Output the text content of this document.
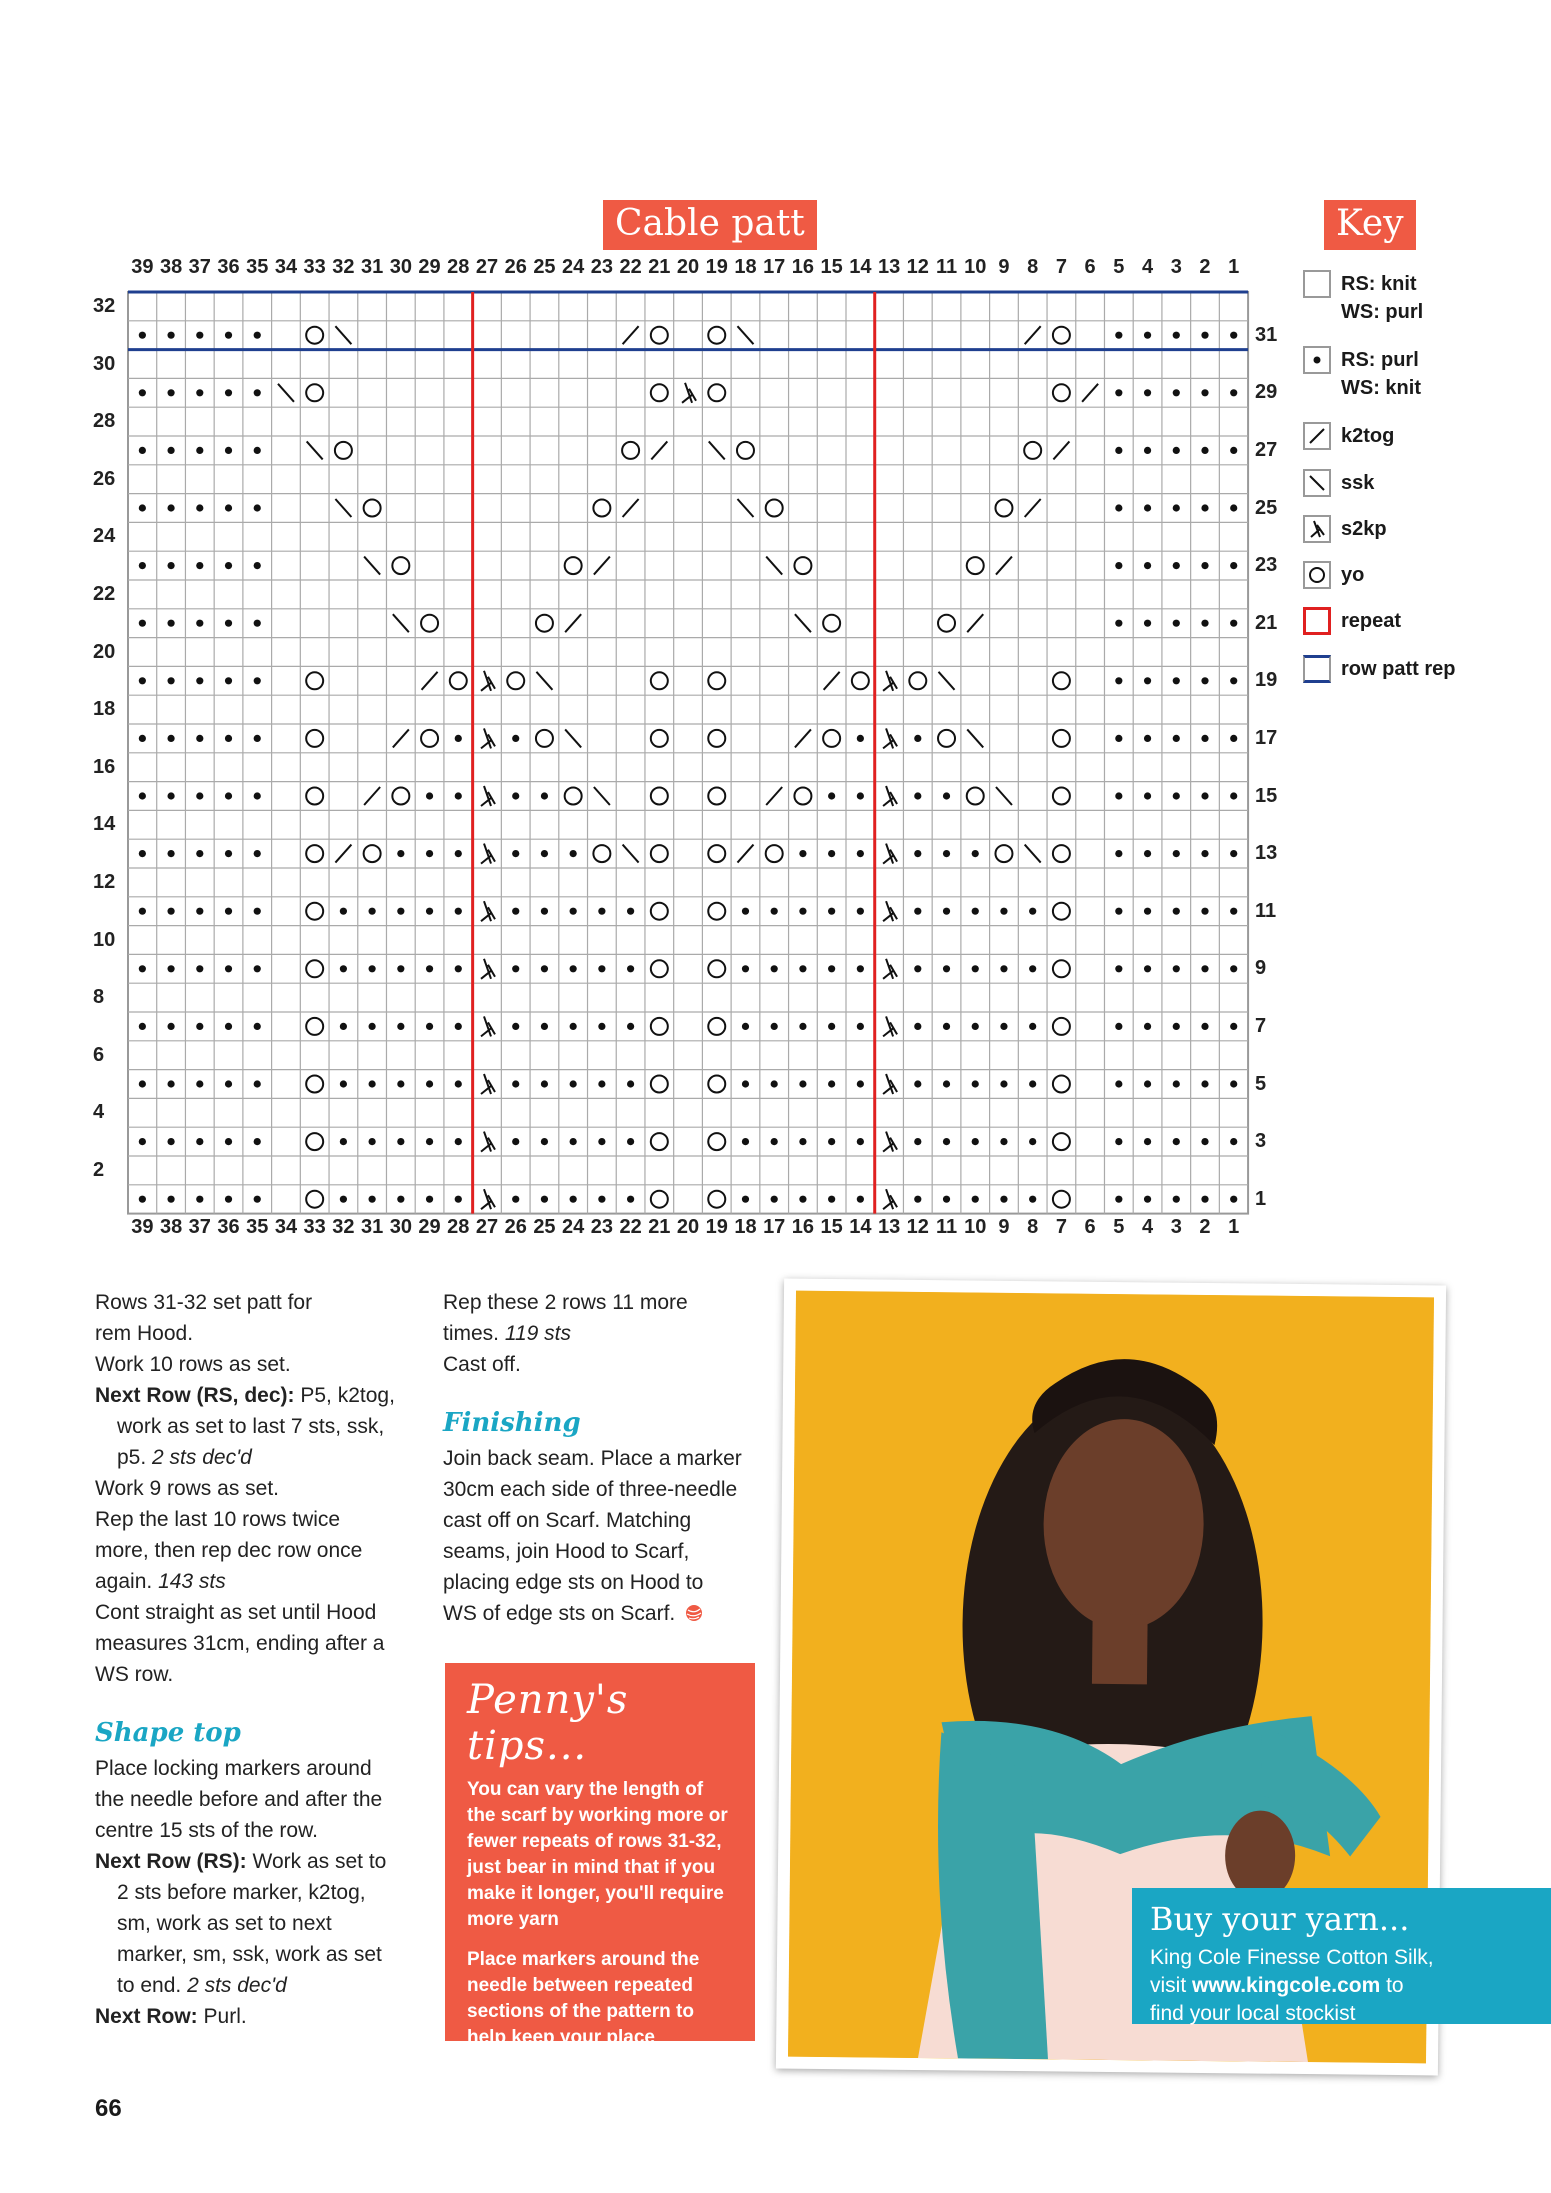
Cable patt
39 38 37 36 35 34 33 32 31 30 29 28 27 26 25 24 23 22 21 20 19 18 17 16 15 14 13 12 11 10 9 8 7 6 5 4 3 2 1
39 38 37 36 35 34 33 32 31 30 29 28 27 26 25 24 23 22 21 20 19 18 17 16 15 14 13 12 11 10 9 8 7 6 5 4 3 2 1
32
30
28
26
24
22
20
18
16
14
12
10
8
6
4
2
31
29
27
25
23
21
19
17
15
13
11
9
7
5
3
1
Key
RS: knit
WS: purl
RS: purl
WS: knit
k2tog
ssk
s2kp
yo
repeat
row patt rep

Rows 31-32 set patt for

rem Hood.

Work 10 rows as set.

Next Row (RS, dec): P5, k2tog,

work as set to last 7 sts, ssk,

p5. 2 sts dec'd

Work 9 rows as set.

Rep the last 10 rows twice

more, then rep dec row once

again. 143 sts

Cont straight as set until Hood

measures 31cm, ending after a

WS row.

Shape top

Place locking markers around

the needle before and after the

centre 15 sts of the row.

Next Row (RS): Work as set to

2 sts before marker, k2tog,

sm, work as set to next

marker, sm, ssk, work as set

to end. 2 sts dec'd

Next Row: Purl.

Rep these 2 rows 11 more

times. 119 sts

Cast off.

Finishing

Join back seam. Place a marker

30cm each side of three-needle

cast off on Scarf. Matching

seams, join Hood to Scarf,

placing edge sts on Hood to

WS of edge sts on Scarf.

Penny's tips...

You can vary the length of the scarf by working more or fewer repeats of rows 31-32, just bear in mind that if you make it longer, you'll require more yarn

Place markers around the needle between repeated sections of the pattern to help keep your place

Buy your yarn...

King Cole Finesse Cotton Silk,

visit www.kingcole.com to

find your local stockist

66
